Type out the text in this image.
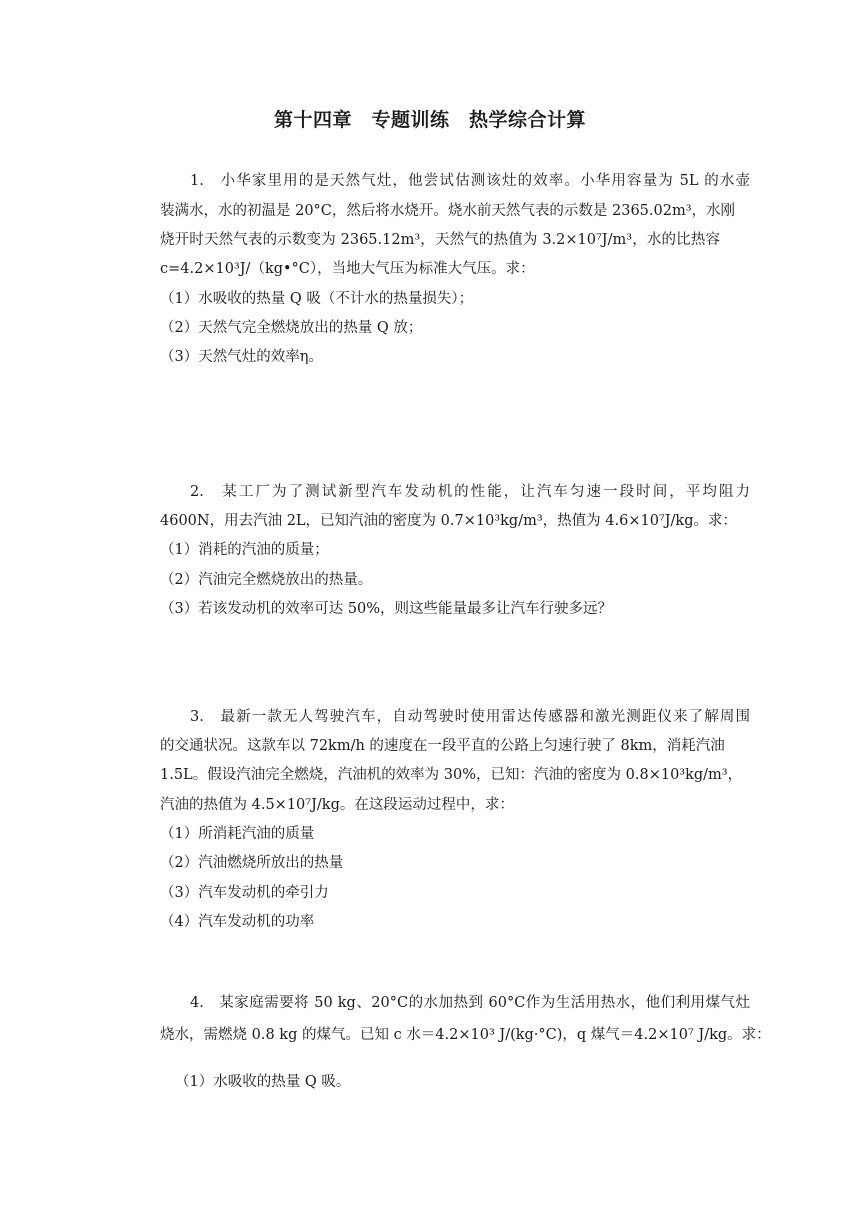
第十四章　专题训练　热学综合计算
1.　小华家里用的是天然气灶，他尝试估测该灶的效率。小华用容量为 5L 的水壶
装满水，水的初温是 20°C，然后将水烧开。烧水前天然气表的示数是 2365.02m³，水刚
烧开时天然气表的示数变为 2365.12m³，天然气的热值为 3.2×10⁷J/m³，水的比热容
c=4.2×10³J/（kg•°C），当地大气压为标准大气压。求：
（1）水吸收的热量 Q 吸（不计水的热量损失）；
（2）天然气完全燃烧放出的热量 Q 放；
（3）天然气灶的效率η。
2.　某工厂为了测试新型汽车发动机的性能，让汽车匀速一段时间，平均阻力
4600N，用去汽油 2L，已知汽油的密度为 0.7×10³kg/m³，热值为 4.6×10⁷J/kg。求：
（1）消耗的汽油的质量；
（2）汽油完全燃烧放出的热量。
（3）若该发动机的效率可达 50%，则这些能量最多让汽车行驶多远？
3.　最新一款无人驾驶汽车，自动驾驶时使用雷达传感器和激光测距仪来了解周围
的交通状况。这款车以 72km/h 的速度在一段平直的公路上匀速行驶了 8km，消耗汽油
1.5L。假设汽油完全燃烧，汽油机的效率为 30%，已知：汽油的密度为 0.8×10³kg/m³，
汽油的热值为 4.5×10⁷J/kg。在这段运动过程中，求：
（1）所消耗汽油的质量
（2）汽油燃烧所放出的热量
（3）汽车发动机的牵引力
（4）汽车发动机的功率
4.　某家庭需要将 50 kg、20°C的水加热到 60°C作为生活用热水，他们利用煤气灶
烧水，需燃烧 0.8 kg 的煤气。已知 c 水＝4.2×10³ J/(kg·°C)，q 煤气＝4.2×10⁷ J/kg。求：
（1）水吸收的热量 Q 吸。
